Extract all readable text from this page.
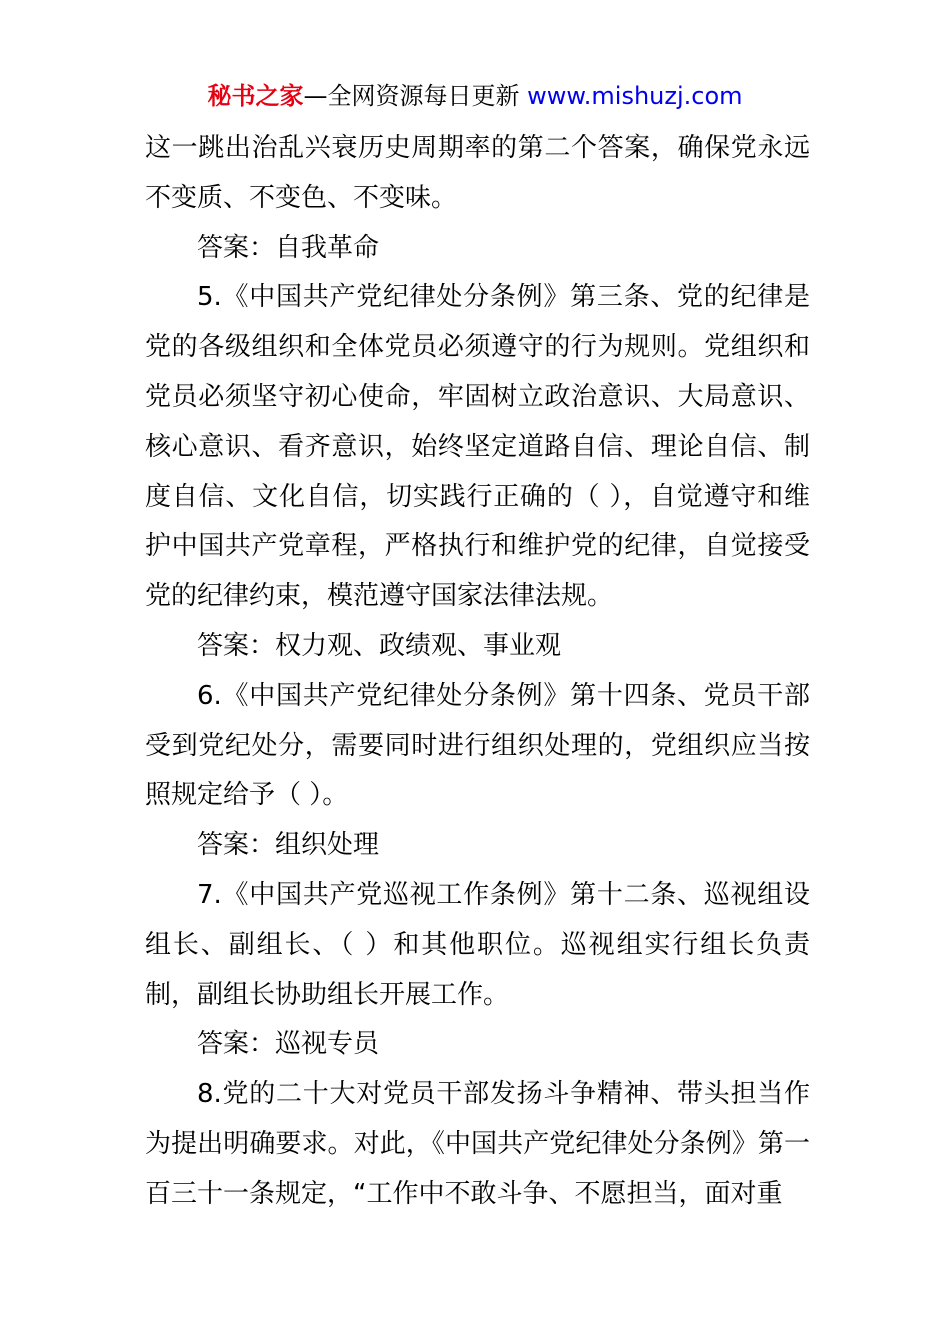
秘书之家—全网资源每日更新 www.mishuzj.com

这一跳出治乱兴衰历史周期率的第二个答案，确保党永远不变质、不变色、不变味。

答案：自我革命

5.《中国共产党纪律处分条例》第三条、党的纪律是党的各级组织和全体党员必须遵守的行为规则。党组织和党员必须坚守初心使命，牢固树立政治意识、大局意识、核心意识、看齐意识，始终坚定道路自信、理论自信、制度自信、文化自信，切实践行正确的（ ），自觉遵守和维护中国共产党章程，严格执行和维护党的纪律，自觉接受党的纪律约束，模范遵守国家法律法规。

答案：权力观、政绩观、事业观

6.《中国共产党纪律处分条例》第十四条、党员干部受到党纪处分，需要同时进行组织处理的，党组织应当按照规定给予（ ）。

答案：组织处理

7.《中国共产党巡视工作条例》第十二条、巡视组设组长、副组长、（ ）和其他职位。巡视组实行组长负责制，副组长协助组长开展工作。

答案：巡视专员

8.党的二十大对党员干部发扬斗争精神、带头担当作为提出明确要求。对此，《中国共产党纪律处分条例》第一百三十一条规定，“工作中不敢斗争、不愿担当，面对重
